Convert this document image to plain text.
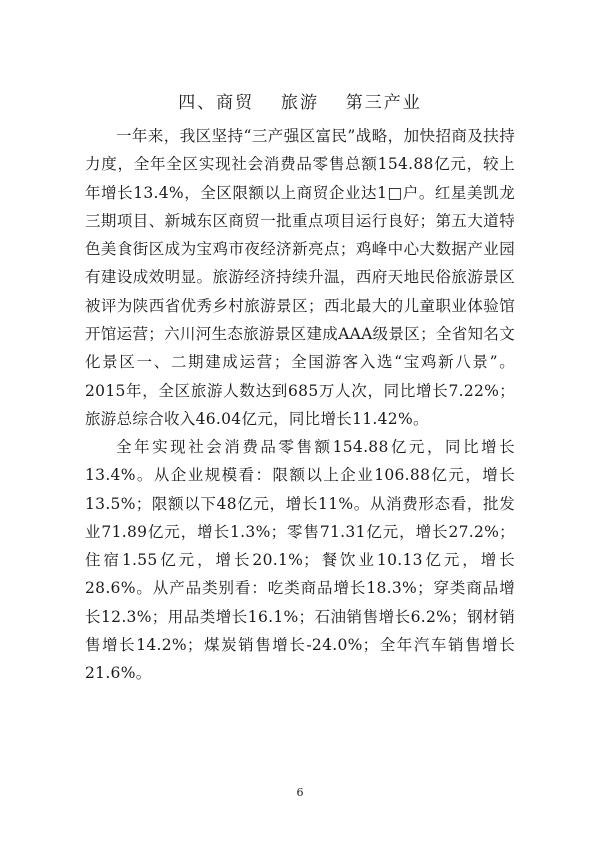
四、商贸  旅游  第三产业

一年来，我区坚持“三产强区富民”战略，加快招商及扶持力度，全年全区实现社会消费品零售总额154.88亿元，较上年增长13.4%，全区限额以上商贸企业达1□户。红星美凯龙三期项目、新城东区商贸一批重点项目运行良好；第五大道特色美食街区成为宝鸡市夜经济新亮点；鸡峰中心大数据产业园有建设成效明显。旅游经济持续升温，西府天地民俗旅游景区被评为陕西省优秀乡村旅游景区；西北最大的儿童职业体验馆开馆运营；六川河生态旅游景区建成AAA级景区；全省知名文化景区一、二期建成运营；全国游客入选“宝鸡新八景”。2015年，全区旅游人数达到685万人次，同比增长7.22%；旅游总综合收入46.04亿元，同比增长11.42%。

全年实现社会消费品零售额154.88亿元，同比增长13.4%。从企业规模看：限额以上企业106.88亿元，增长13.5%；限额以下48亿元，增长11%。从消费形态看，批发业71.89亿元，增长1.3%；零售71.31亿元，增长27.2%；住宿1.55亿元，增长20.1%；餐饮业10.13亿元，增长28.6%。从产品类别看：吃类商品增长18.3%；穿类商品增长12.3%；用品类增长16.1%；石油销售增长6.2%；钢材销售增长14.2%；煤炭销售增长-24.0%；全年汽车销售增长21.6%。

6
